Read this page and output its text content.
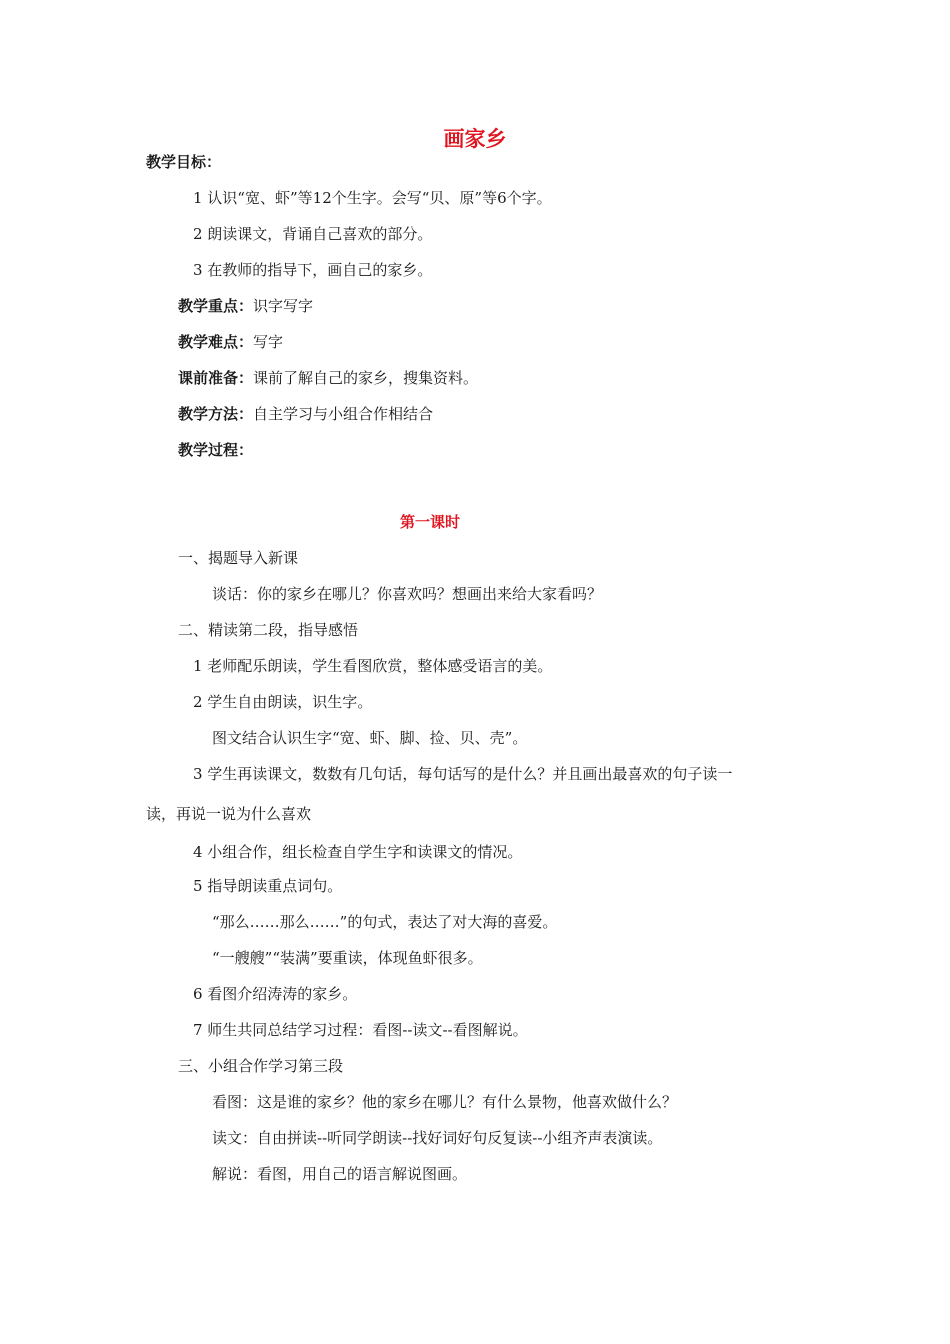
画家乡
教学目标：
1 认识“宽、虾”等12个生字。会写“贝、原”等6个字。
2 朗读课文，背诵自己喜欢的部分。
3 在教师的指导下，画自己的家乡。
教学重点：识字写字
教学难点：写字
课前准备：课前了解自己的家乡，搜集资料。
教学方法：自主学习与小组合作相结合
教学过程：
第一课时
一、揭题导入新课
谈话：你的家乡在哪儿？你喜欢吗？想画出来给大家看吗？
二、精读第二段，指导感悟
1 老师配乐朗读，学生看图欣赏，整体感受语言的美。
2 学生自由朗读，识生字。
图文结合认识生字“宽、虾、脚、捡、贝、壳”。
3 学生再读课文，数数有几句话，每句话写的是什么？并且画出最喜欢的句子读一
读，再说一说为什么喜欢
4 小组合作，组长检查自学生字和读课文的情况。
5 指导朗读重点词句。
“那么……那么……”的句式，表达了对大海的喜爱。
“一艘艘”“装满”要重读，体现鱼虾很多。
6 看图介绍涛涛的家乡。
7 师生共同总结学习过程：看图--读文--看图解说。
三、小组合作学习第三段
看图：这是谁的家乡？他的家乡在哪儿？有什么景物，他喜欢做什么？
读文：自由拼读--听同学朗读--找好词好句反复读--小组齐声表演读。
解说：看图，用自己的语言解说图画。
